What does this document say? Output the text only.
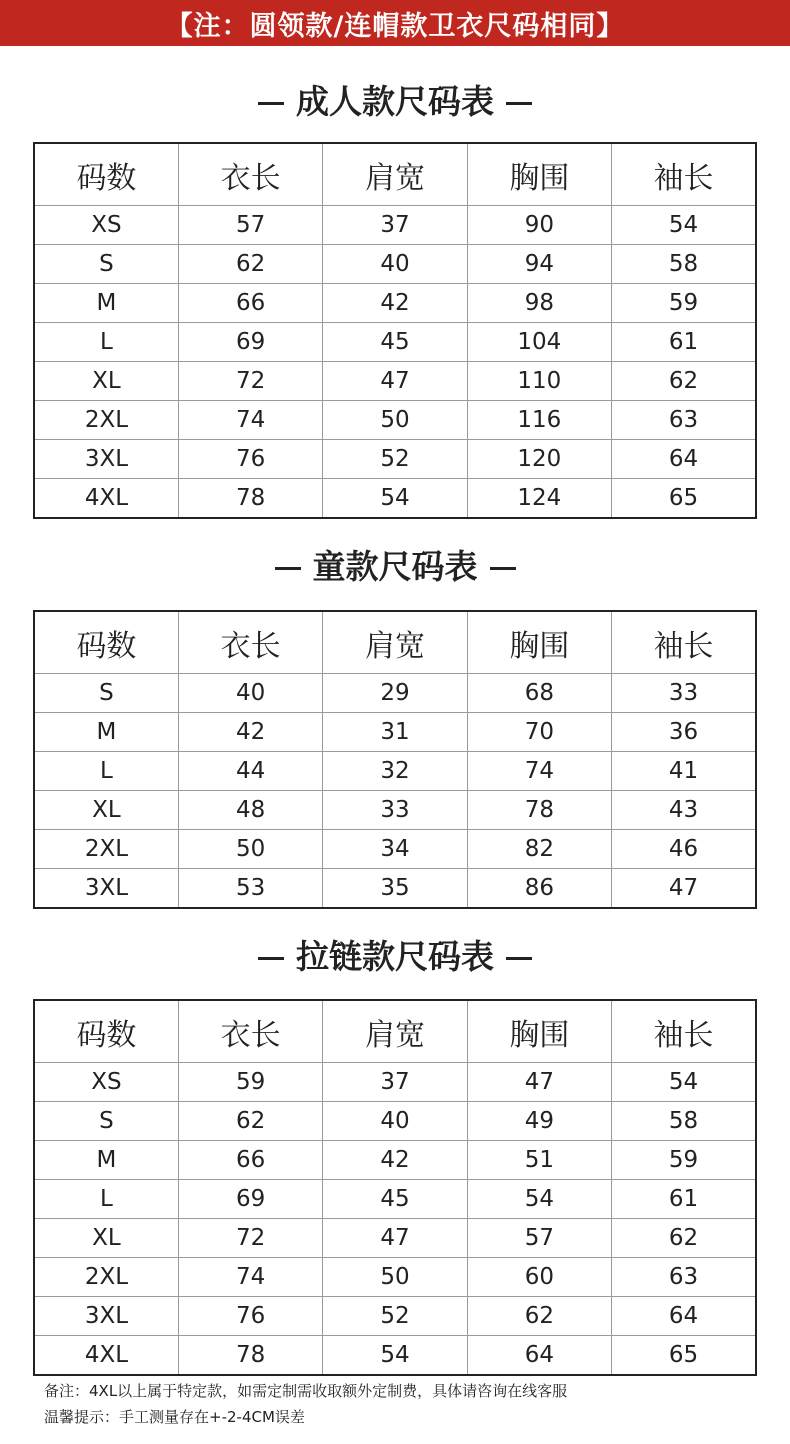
【注：圆领款/连帽款卫衣尺码相同】
成人款尺码表
码数	衣长	肩宽	胸围	袖长
XS	57	37	90	54
S	62	40	94	58
M	66	42	98	59
L	69	45	104	61
XL	72	47	110	62
2XL	74	50	116	63
3XL	76	52	120	64
4XL	78	54	124	65
童款尺码表
码数	衣长	肩宽	胸围	袖长
S	40	29	68	33
M	42	31	70	36
L	44	32	74	41
XL	48	33	78	43
2XL	50	34	82	46
3XL	53	35	86	47
拉链款尺码表
码数	衣长	肩宽	胸围	袖长
XS	59	37	47	54
S	62	40	49	58
M	66	42	51	59
L	69	45	54	61
XL	72	47	57	62
2XL	74	50	60	63
3XL	76	52	62	64
4XL	78	54	64	65
备注：4XL以上属于特定款，如需定制需收取额外定制费，具体请咨询在线客服
温馨提示：手工测量存在+-2-4CM误差
